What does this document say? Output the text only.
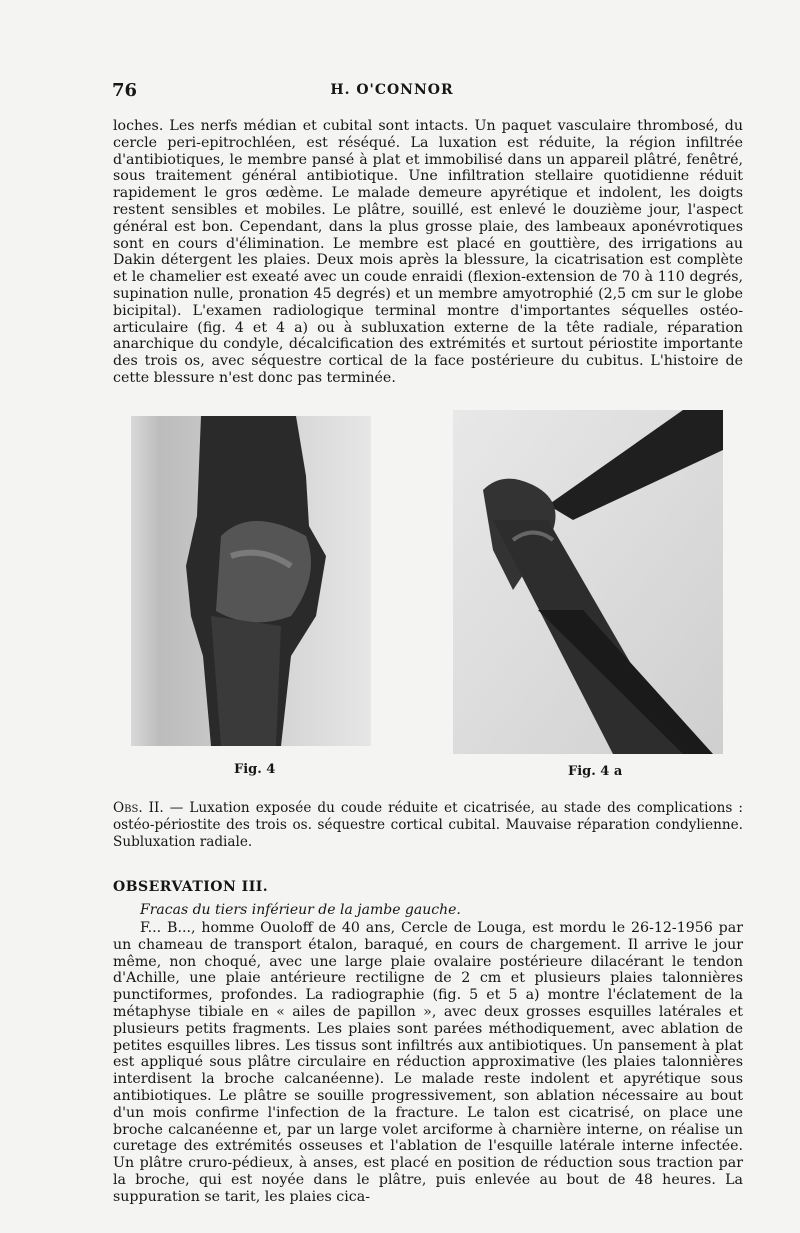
76	H. O'CONNOR

loches. Les nerfs médian et cubital sont intacts. Un paquet vasculaire thrombosé, du cercle peri-epitrochléen, est réséqué. La luxation est réduite, la région infiltrée d'antibiotiques, le membre pansé à plat et immobilisé dans un appareil plâtré, fenêtré, sous traitement général antibiotique. Une infiltration stellaire quotidienne réduit rapidement le gros œdème. Le malade demeure apyrétique et indolent, les doigts restent sensibles et mobiles. Le plâtre, souillé, est enlevé le douzième jour, l'aspect général est bon. Cependant, dans la plus grosse plaie, des lambeaux aponévrotiques sont en cours d'élimination. Le membre est placé en gouttière, des irrigations au Dakin détergent les plaies. Deux mois après la blessure, la cicatrisation est complète et le chamelier est exeaté avec un coude enraidi (flexion-extension de 70 à 110 degrés, supination nulle, pronation 45 degrés) et un membre amyotrophié (2,5 cm sur le globe bicipital). L'examen radiologique terminal montre d'importantes séquelles ostéo-articulaire (fig. 4 et 4 a) ou à subluxation externe de la tête radiale, réparation anarchique du condyle, décalcification des extrémités et surtout périostite importante des trois os, avec séquestre cortical de la face postérieure du cubitus. L'histoire de cette blessure n'est donc pas terminée.

Fig. 4	Fig. 4 a
Obs. II. — Luxation exposée du coude réduite et cicatrisée, au stade des complications : ostéo-périostite des trois os. séquestre cortical cubital. Mauvaise réparation condylienne. Subluxation radiale.
OBSERVATION III.
Fracas du tiers inférieur de la jambe gauche.

F... B..., homme Ouoloff de 40 ans, Cercle de Louga, est mordu le 26-12-1956 par un chameau de transport étalon, baraqué, en cours de chargement. Il arrive le jour même, non choqué, avec une large plaie ovalaire postérieure dilacérant le tendon d'Achille, une plaie antérieure rectiligne de 2 cm et plusieurs plaies talonnières punctiformes, profondes. La radiographie (fig. 5 et 5 a) montre l'éclatement de la métaphyse tibiale en « ailes de papillon », avec deux grosses esquilles latérales et plusieurs petits fragments. Les plaies sont parées méthodiquement, avec ablation de petites esquilles libres. Les tissus sont infiltrés aux antibiotiques. Un pansement à plat est appliqué sous plâtre circulaire en réduction approximative (les plaies talonnières interdisent la broche calcanéenne). Le malade reste indolent et apyrétique sous antibiotiques. Le plâtre se souille progressivement, son ablation nécessaire au bout d'un mois confirme l'infection de la fracture. Le talon est cicatrisé, on place une broche calcanéenne et, par un large volet arciforme à charnière interne, on réalise un curetage des extrémités osseuses et l'ablation de l'esquille latérale interne infectée. Un plâtre cruro-pédieux, à anses, est placé en position de réduction sous traction par la broche, qui est noyée dans le plâtre, puis enlevée au bout de 48 heures. La suppuration se tarit, les plaies cica-
